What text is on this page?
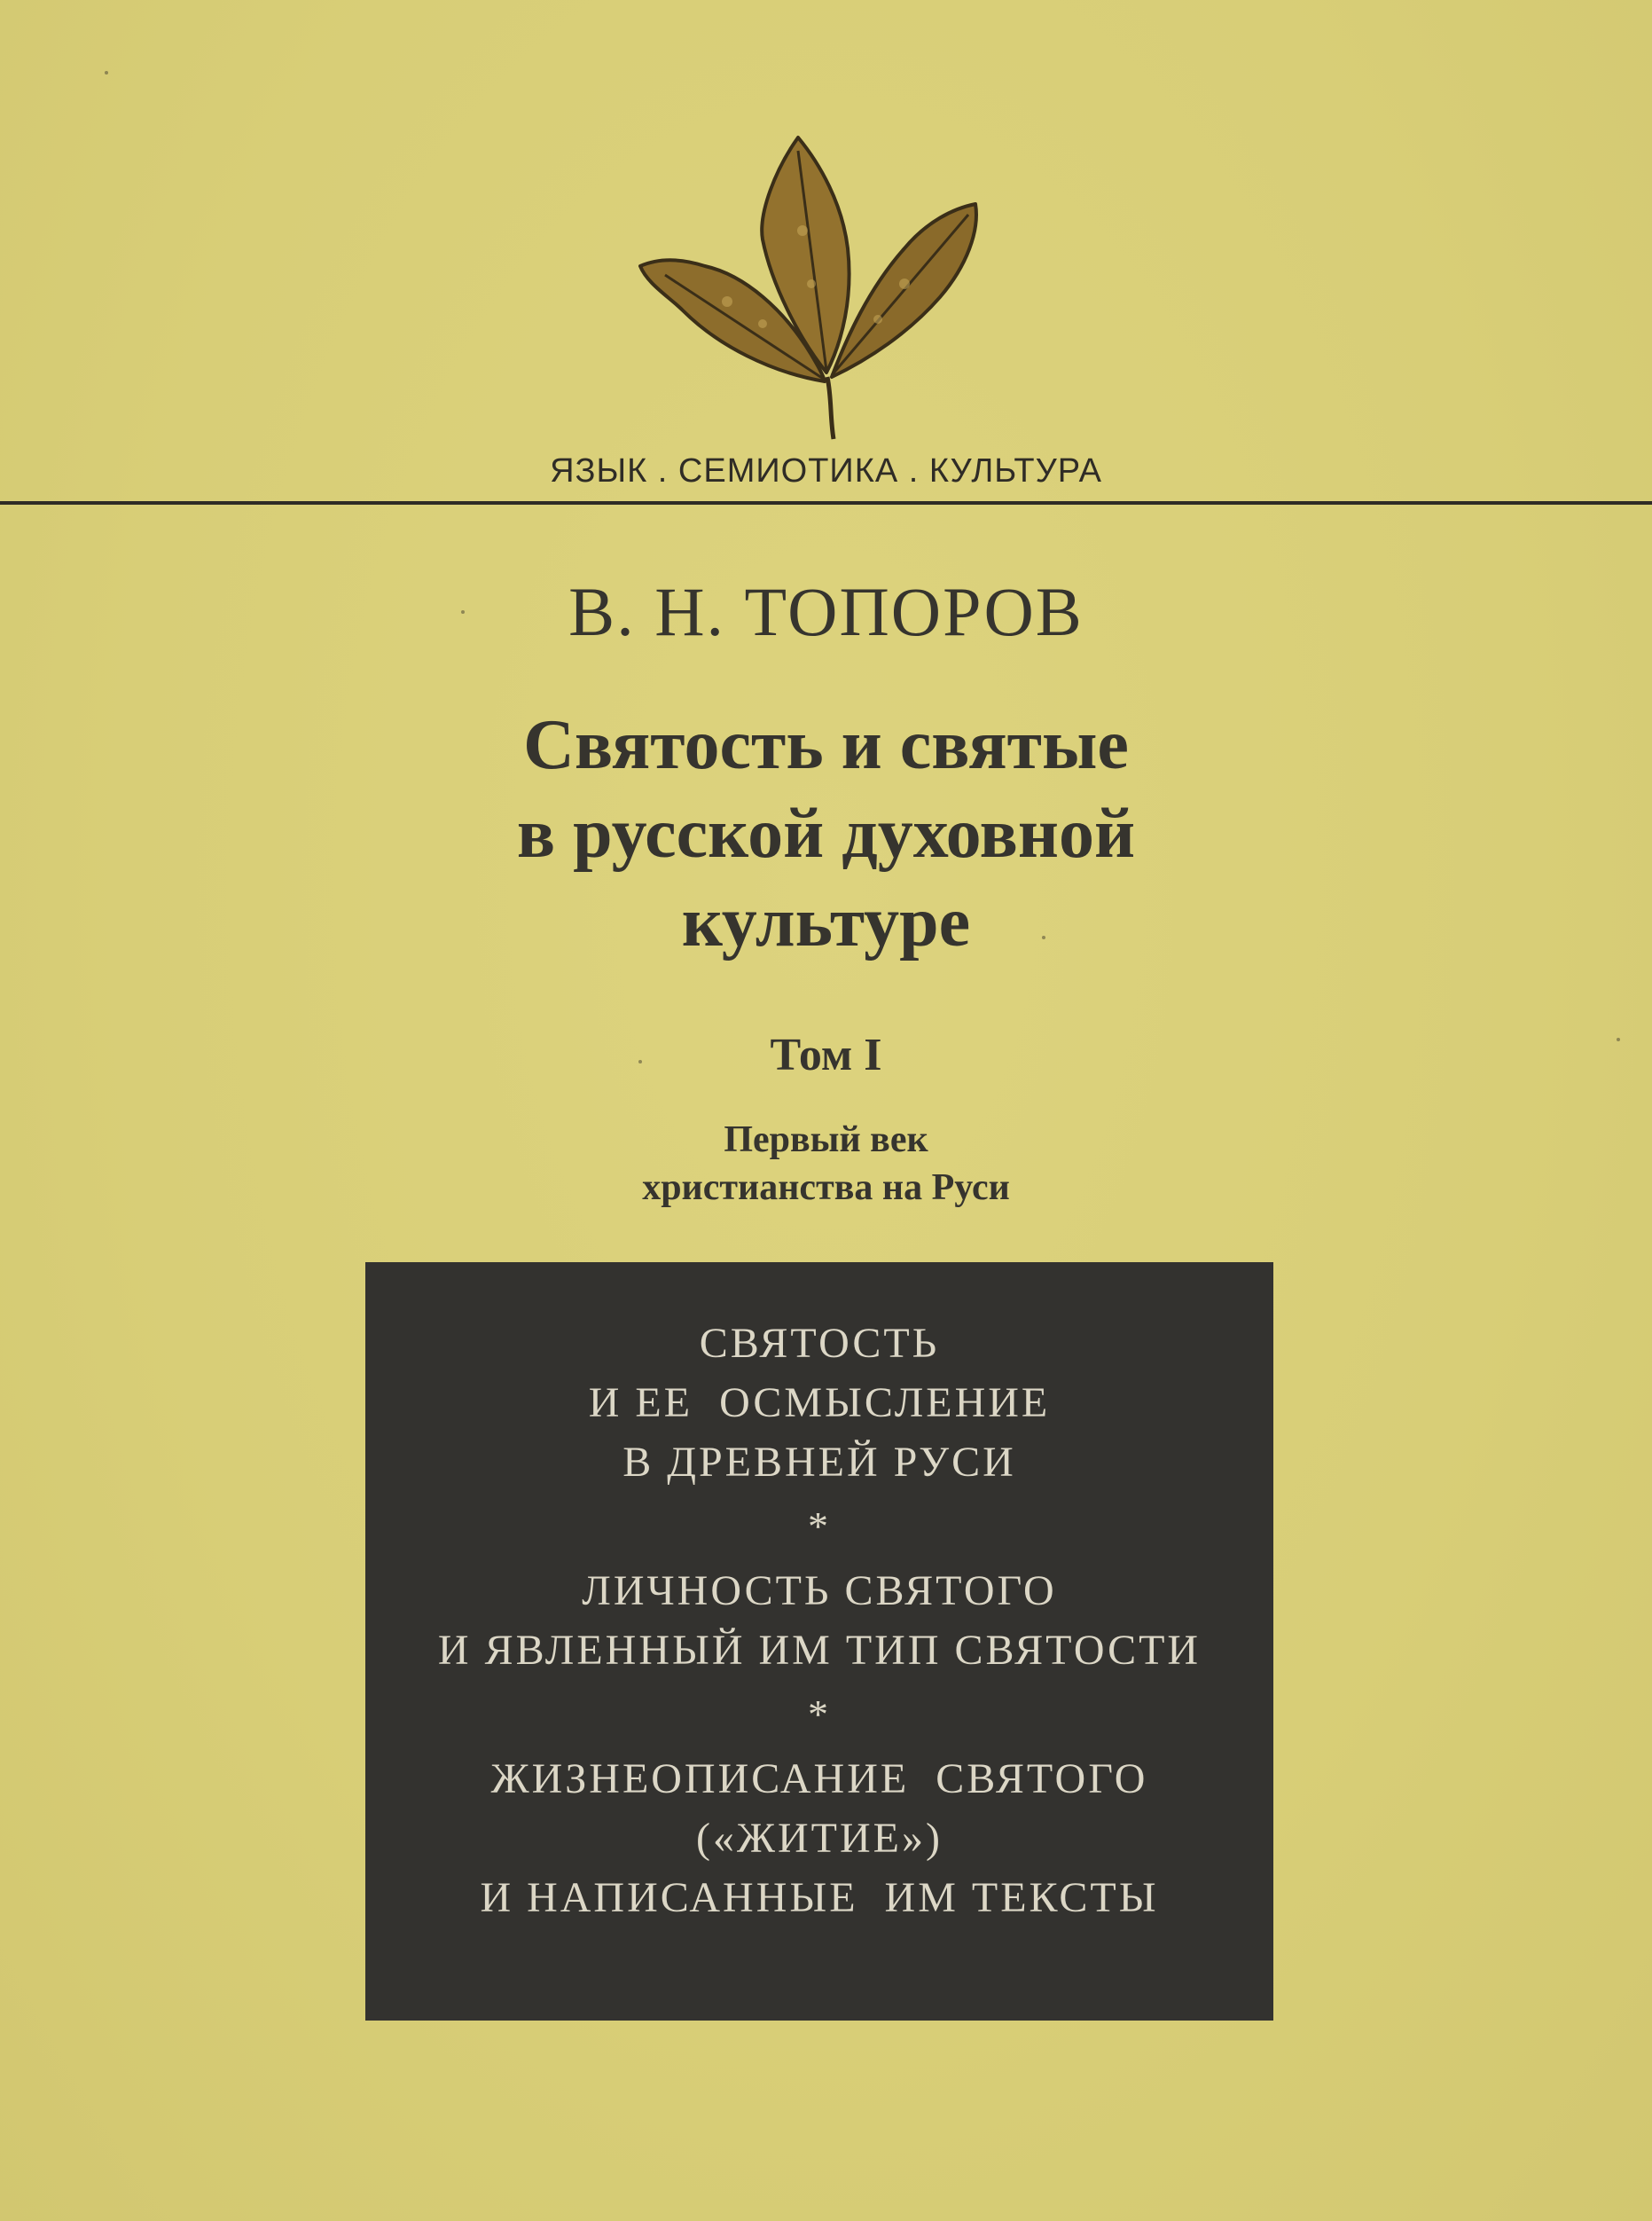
ЯЗЫК . СЕМИОТИКА . КУЛЬТУРА
В. Н. ТОПОРОВ
Святость и святые
в русской духовной
культуре
Том I
Первый век
христианства на Руси
СВЯТОСТЬ
И ЕЕ  ОСМЫСЛЕНИЕ
В ДРЕВНЕЙ РУСИ
*
ЛИЧНОСТЬ СВЯТОГО
И ЯВЛЕННЫЙ ИМ ТИП СВЯТОСТИ
*
ЖИЗНЕОПИСАНИЕ  СВЯТОГО
(«ЖИТИЕ»)
И НАПИСАННЫЕ  ИМ ТЕКСТЫ
